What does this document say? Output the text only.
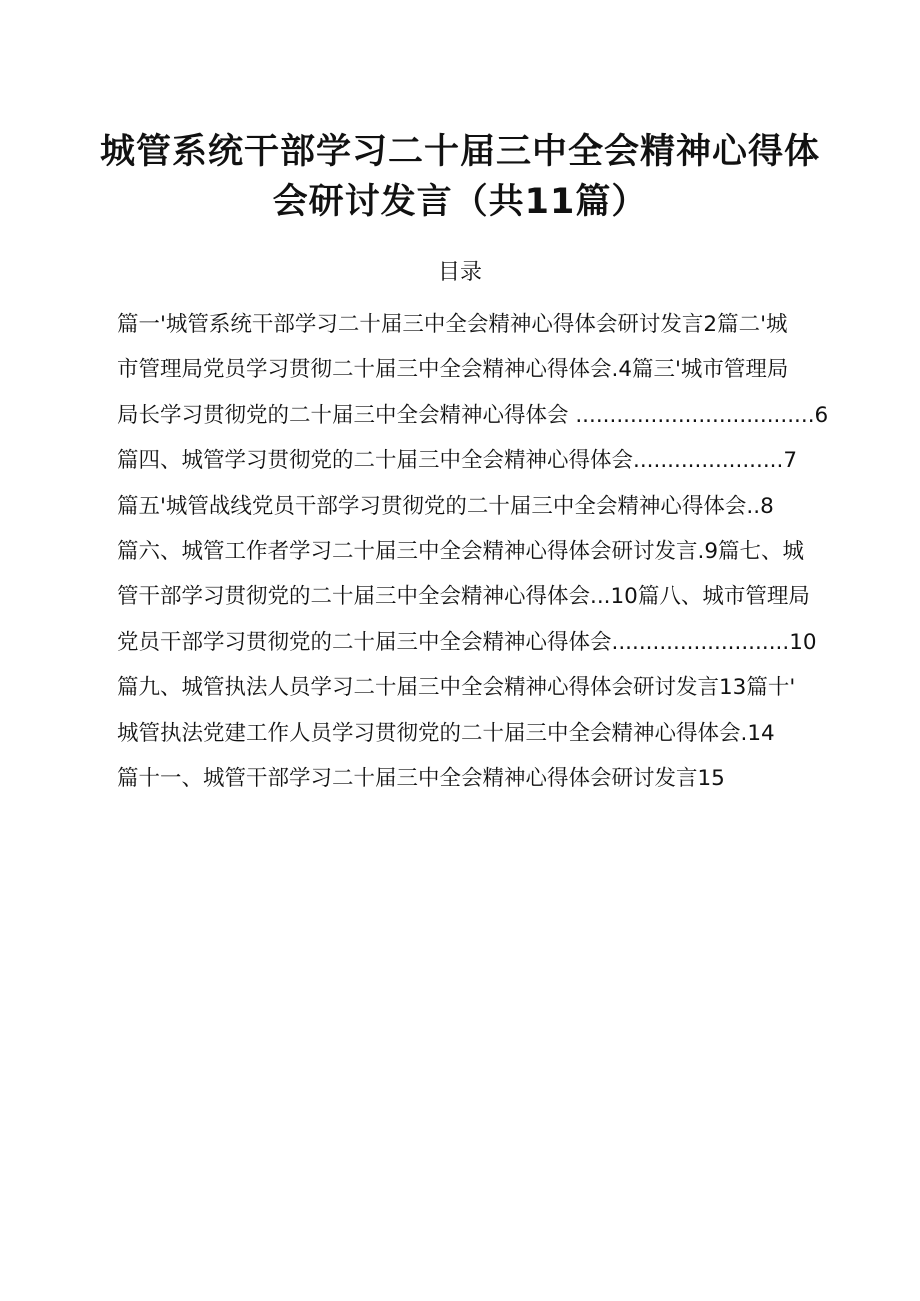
城管系统干部学习二十届三中全会精神心得体
会研讨发言（共11篇）
目录
篇一'城管系统干部学习二十届三中全会精神心得体会研讨发言2篇二'城
市管理局党员学习贯彻二十届三中全会精神心得体会.4篇三'城市管理局
局长学习贯彻党的二十届三中全会精神心得体会 ...................................6
篇四、城管学习贯彻党的二十届三中全会精神心得体会......................7
篇五'城管战线党员干部学习贯彻党的二十届三中全会精神心得体会..8
篇六、城管工作者学习二十届三中全会精神心得体会研讨发言.9篇七、城
管干部学习贯彻党的二十届三中全会精神心得体会...10篇八、城市管理局
党员干部学习贯彻党的二十届三中全会精神心得体会..........................10
篇九、城管执法人员学习二十届三中全会精神心得体会研讨发言13篇十'
城管执法党建工作人员学习贯彻党的二十届三中全会精神心得体会.14
篇十一、城管干部学习二十届三中全会精神心得体会研讨发言15
